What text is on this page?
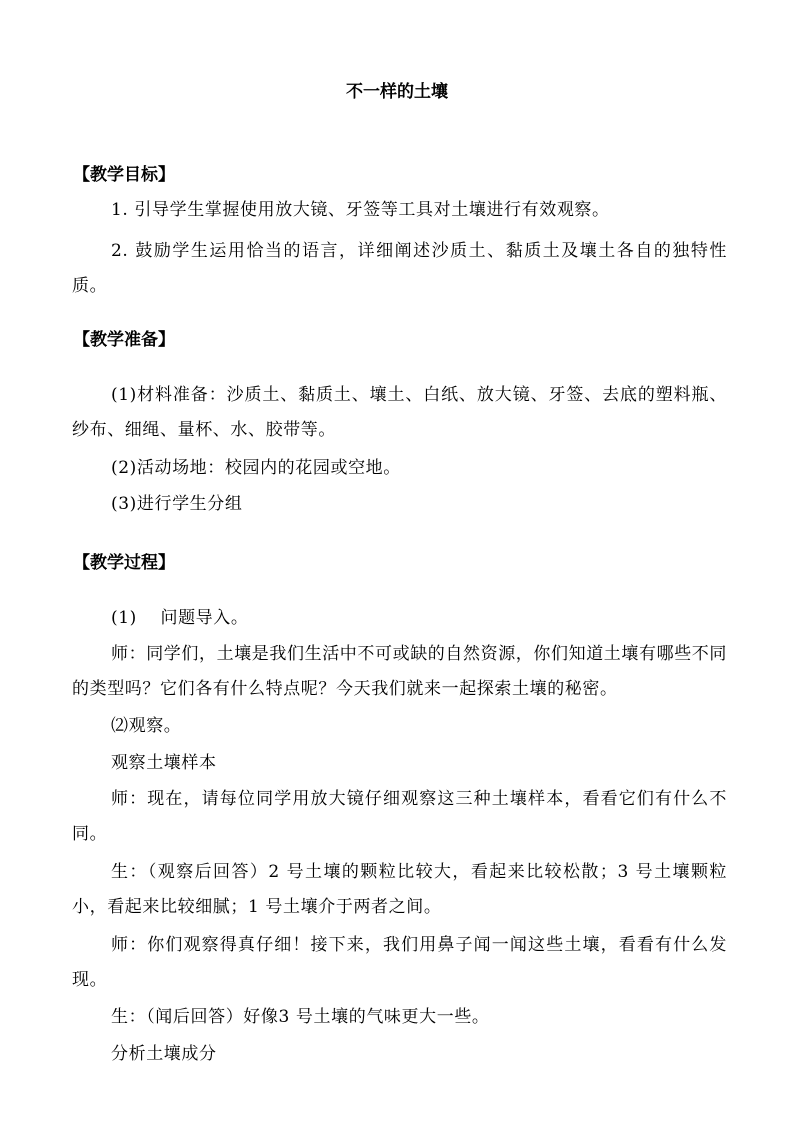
不一样的土壤
【教学目标】
1. 引导学生掌握使用放大镜、牙签等工具对土壤进行有效观察。
2. 鼓励学生运用恰当的语言，详细阐述沙质土、黏质土及壤土各自的独特性质。
【教学准备】
(1)材料准备：沙质土、黏质土、壤土、白纸、放大镜、牙签、去底的塑料瓶、纱布、细绳、量杯、水、胶带等。
(2)活动场地：校园内的花园或空地。
(3)进行学生分组
【教学过程】
(1)　 问题导入。
师：同学们，土壤是我们生活中不可或缺的自然资源，你们知道土壤有哪些不同的类型吗？它们各有什么特点呢？今天我们就来一起探索土壤的秘密。
⑵观察。
观察土壤样本
师：现在，请每位同学用放大镜仔细观察这三种土壤样本，看看它们有什么不同。
生：（观察后回答）2 号土壤的颗粒比较大，看起来比较松散；3 号土壤颗粒小，看起来比较细腻；1 号土壤介于两者之间。
师：你们观察得真仔细！接下来，我们用鼻子闻一闻这些土壤，看看有什么发现。
生：（闻后回答）好像3 号土壤的气味更大一些。
分析土壤成分
